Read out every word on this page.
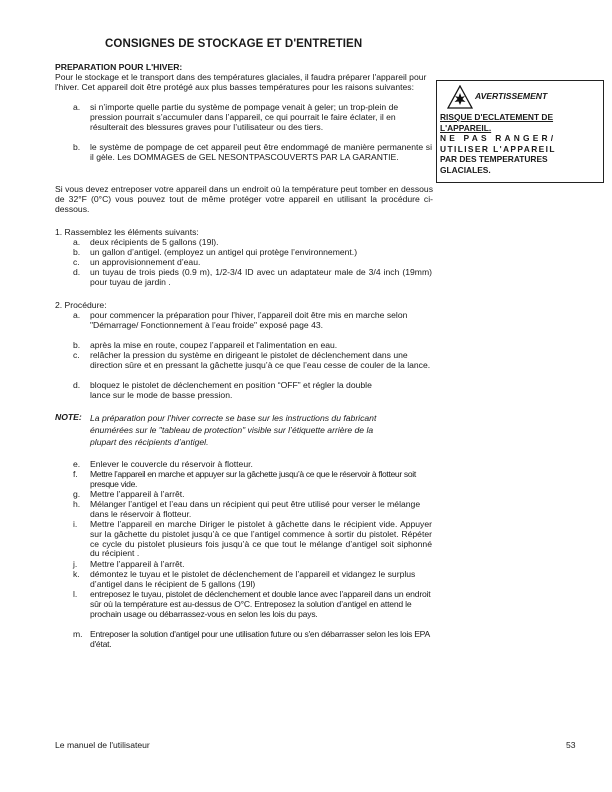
CONSIGNES DE STOCKAGE ET D'ENTRETIEN
PREPARATION POUR L'HIVER:
Pour le stockage et le transport dans des températures glaciales, il faudra préparer l'appareil pour l'hiver. Cet appareil doit être protégé aux plus basses températures pour les raisons suivantes:
a.	si n’importe quelle partie du système de pompage venait à geler; un trop-plein de pression pourrait s’accumuler dans l’appareil, ce qui pourrait le faire éclater, il en résulterait des blessures graves pour l’utilisateur ou des tiers.
b.	le système de pompage de cet appareil peut être endommagé de manière permanente si il gèle. Les DOMMAGES de GEL NESONTPASCOUVERTS PAR LA GARANTIE.
Si vous devez entreposer votre appareil dans un endroit où la température peut tomber en dessous de 32°F (0°C) vous pouvez tout de même protéger votre appareil en utilisant la procédure ci-dessous.
1. Rassemblez les éléments suivants:
a.	deux récipients de 5 gallons (19l).
b.	un gallon d’antigel. (employez un antigel qui protège l’environnement.)
c.	un approvisionnement d’eau.
d.	un tuyau de trois pieds (0.9 m), 1/2-3/4 ID avec un adaptateur male de 3/4 inch (19mm) pour tuyau de jardin .
2. Procédure:
a.	pour commencer la préparation pour l'hiver, l’appareil doit être mis en marche selon "Démarrage/ Fonctionnement à l’eau froide" exposé page 43.
b.	après la mise en route, coupez l’appareil et l'alimentation en eau.
c.	relâcher la pression du système en dirigeant le pistolet de déclenchement dans une direction sûre et en pressant la gâchette jusqu’à ce que l’eau cesse de couler de la lance.
d.	bloquez le pistolet de déclenchement en position “OFF” et régler la double lance sur le mode de basse pression.
NOTE: La préparation pour l'hiver correcte se base sur les instructions du fabricant énumérées sur le "tableau de protection" visible sur l’étiquette arrière de la plupart des récipients d’antigel.
e.	Enlever le couvercle du réservoir à flotteur.
f.	Mettre l’appareil en marche et appuyer sur la gâchette jusqu’à ce que le réservoir à flotteur soit presque vide.
g.	Mettre l’appareil à l’arrêt.
h.	Mélanger l’antigel et l’eau dans un récipient qui peut être utilisé pour verser le mélange dans le réservoir à flotteur.
i.	Mettre l’appareil en marche Diriger le pistolet à gâchette dans le récipient vide. Appuyer sur la gâchette du pistolet jusqu’à ce que l’antigel commence à sortir du pistolet. Répéter ce cycle du pistolet plusieurs fois jusqu’à ce que tout le mélange d’antigel soit siphonné du récipient .
j.	Mettre l’appareil à l’arrêt.
k.	démontez le tuyau et le pistolet de déclenchement de l’appareil et vidangez le surplus d’antigel dans le récipient de 5 gallons (19l)
l.	entreposez le tuyau, pistolet de déclenchement et double lance avec l’appareil dans un endroit sûr où la température est au-dessus de O°C. Entreposez la solution d’antigel en attend le prochain usage ou débarrassez-vous en selon les lois du pays.
m. Entreposer la solution d'antigel pour une utilisation future ou s'en débarrasser selon les lois EPA d'état.
AVERTISSEMENT
RISQUE D'ECLATEMENT DE
L'APPAREIL.
NE PAS RANGER/
UTILISER L'APPAREIL
PAR DES TEMPERATURES
GLACIALES.
Le manuel de l'utilisateur	53
